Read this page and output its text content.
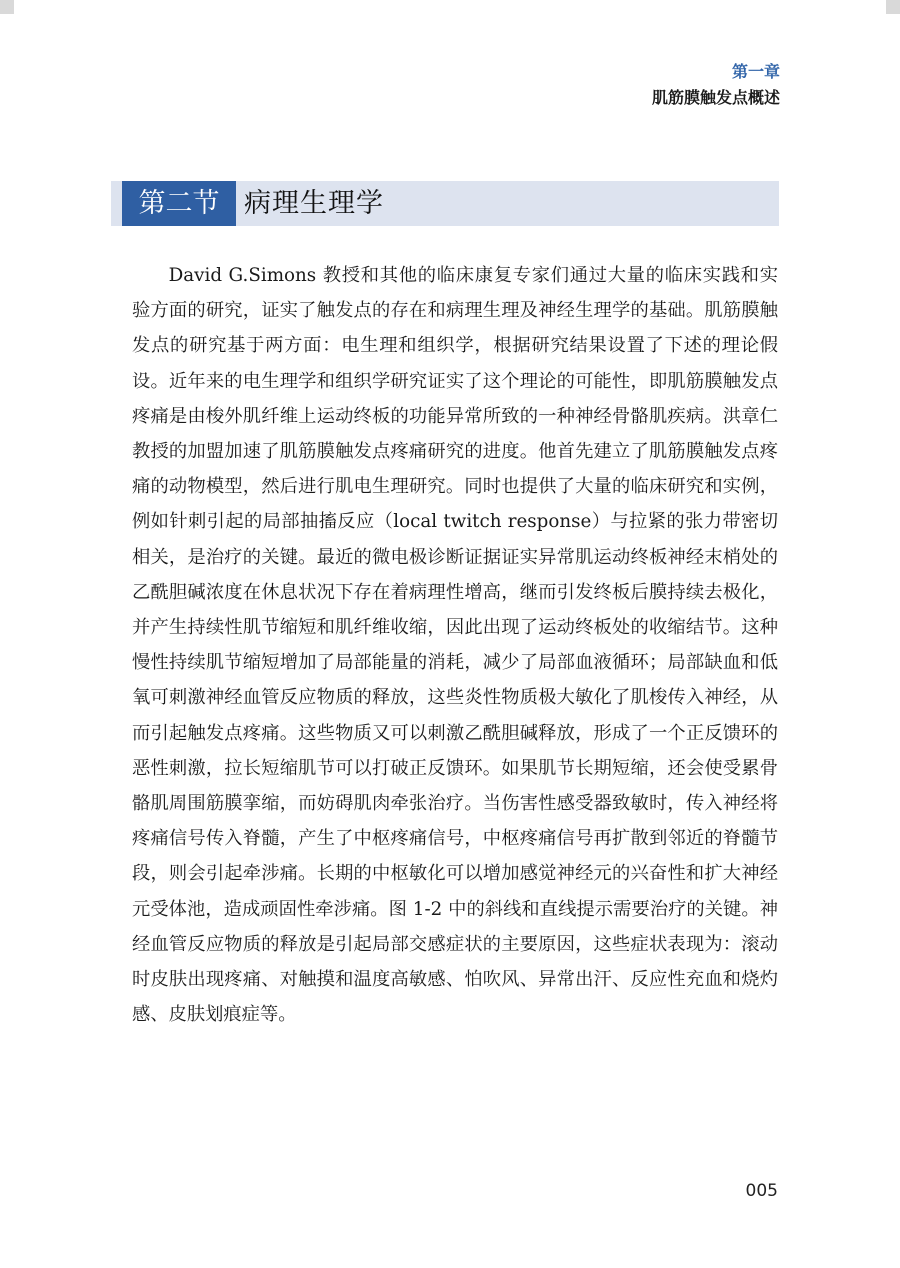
第一章
肌筋膜触发点概述
第二节 病理生理学

David G.Simons 教授和其他的临床康复专家们通过大量的临床实践和实验方面的研究，证实了触发点的存在和病理生理及神经生理学的基础。肌筋膜触发点的研究基于两方面：电生理和组织学，根据研究结果设置了下述的理论假设。近年来的电生理学和组织学研究证实了这个理论的可能性，即肌筋膜触发点疼痛是由梭外肌纤维上运动终板的功能异常所致的一种神经骨骼肌疾病。洪章仁教授的加盟加速了肌筋膜触发点疼痛研究的进度。他首先建立了肌筋膜触发点疼痛的动物模型，然后进行肌电生理研究。同时也提供了大量的临床研究和实例，例如针刺引起的局部抽搐反应（local twitch response）与拉紧的张力带密切相关，是治疗的关键。最近的微电极诊断证据证实异常肌运动终板神经末梢处的乙酰胆碱浓度在休息状况下存在着病理性增高，继而引发终板后膜持续去极化，并产生持续性肌节缩短和肌纤维收缩，因此出现了运动终板处的收缩结节。这种慢性持续肌节缩短增加了局部能量的消耗，减少了局部血液循环；局部缺血和低氧可刺激神经血管反应物质的释放，这些炎性物质极大敏化了肌梭传入神经，从而引起触发点疼痛。这些物质又可以刺激乙酰胆碱释放，形成了一个正反馈环的恶性刺激，拉长短缩肌节可以打破正反馈环。如果肌节长期短缩，还会使受累骨骼肌周围筋膜挛缩，而妨碍肌肉牵张治疗。当伤害性感受器致敏时，传入神经将疼痛信号传入脊髓，产生了中枢疼痛信号，中枢疼痛信号再扩散到邻近的脊髓节段，则会引起牵涉痛。长期的中枢敏化可以增加感觉神经元的兴奋性和扩大神经元受体池，造成顽固性牵涉痛。图 1-2 中的斜线和直线提示需要治疗的关键。神经血管反应物质的释放是引起局部交感症状的主要原因，这些症状表现为：滚动时皮肤出现疼痛、对触摸和温度高敏感、怕吹风、异常出汗、反应性充血和烧灼感、皮肤划痕症等。

005
